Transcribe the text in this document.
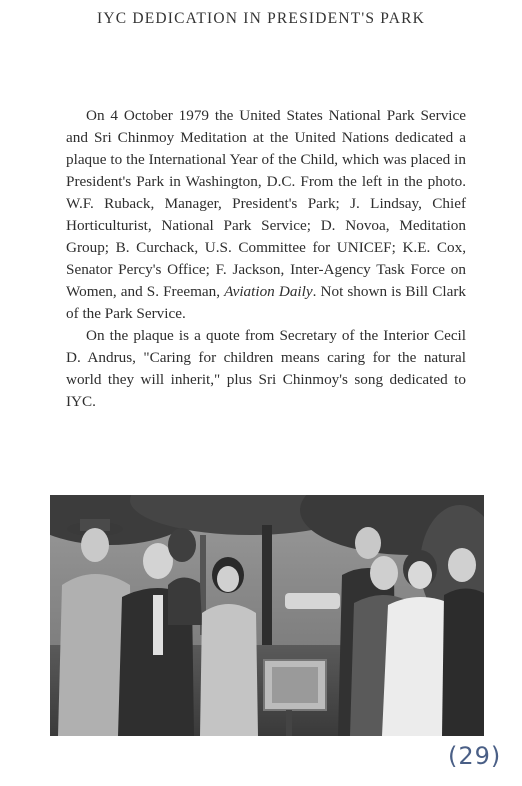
IYC DEDICATION IN PRESIDENT'S PARK

On 4 October 1979 the United States National Park Service and Sri Chinmoy Meditation at the United Nations dedicated a plaque to the International Year of the Child, which was placed in President's Park in Washington, D.C. From the left in the photo. W.F. Ruback, Manager, President's Park; J. Lindsay, Chief Horticulturist, National Park Service; D. Novoa, Meditation Group; B. Curchack, U.S. Committee for UNICEF; K.E. Cox, Senator Percy's Office; F. Jackson, Inter-Agency Task Force on Women, and S. Freeman, Aviation Daily. Not shown is Bill Clark of the Park Service.

On the plaque is a quote from Secretary of the Interior Cecil D. Andrus, "Caring for children means caring for the natural world they will inherit," plus Sri Chinmoy's song dedicated to IYC.

(29)
